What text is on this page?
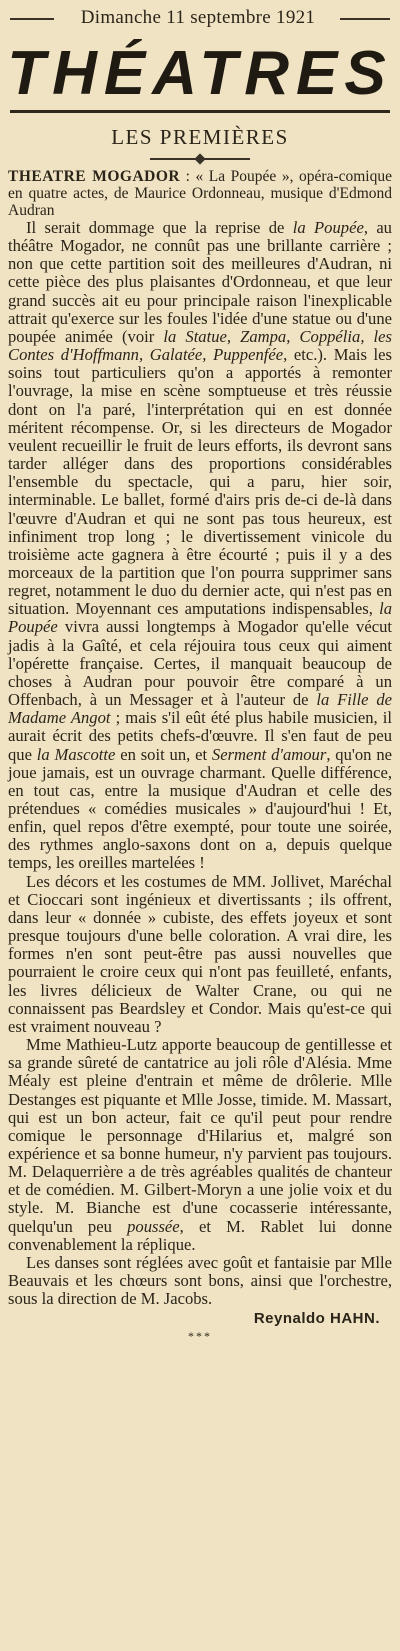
Dimanche 11 septembre 1921
THÉATRES
LES PREMIÈRES

THEATRE MOGADOR : « La Poupée », opéra-comique en quatre actes, de Maurice Ordonneau, musique d'Edmond Audran

Il serait dommage que la reprise de la Poupée, au théâtre Mogador, ne connût pas une brillante carrière ; non que cette partition soit des meilleures d'Audran, ni cette pièce des plus plaisantes d'Ordonneau, et que leur grand succès ait eu pour principale raison l'inexplicable attrait qu'exerce sur les foules l'idée d'une statue ou d'une poupée animée (voir la Statue, Zampa, Coppélia, les Contes d'Hoffmann, Galatée, Puppenfée, etc.). Mais les soins tout particuliers qu'on a apportés à remonter l'ouvrage, la mise en scène somptueuse et très réussie dont on l'a paré, l'interprétation qui en est donnée méritent récompense. Or, si les directeurs de Mogador veulent recueillir le fruit de leurs efforts, ils devront sans tarder alléger dans des proportions considérables l'ensemble du spectacle, qui a paru, hier soir, interminable. Le ballet, formé d'airs pris de-ci de-là dans l'œuvre d'Audran et qui ne sont pas tous heureux, est infiniment trop long ; le divertissement vinicole du troisième acte gagnera à être écourté ; puis il y a des morceaux de la partition que l'on pourra supprimer sans regret, notamment le duo du dernier acte, qui n'est pas en situation. Moyennant ces amputations indispensables, la Poupée vivra aussi longtemps à Mogador qu'elle vécut jadis à la Gaîté, et cela réjouira tous ceux qui aiment l'opérette française. Certes, il manquait beaucoup de choses à Audran pour pouvoir être comparé à un Offenbach, à un Messager et à l'auteur de la Fille de Madame Angot ; mais s'il eût été plus habile musicien, il aurait écrit des petits chefs-d'œuvre. Il s'en faut de peu que la Mascotte en soit un, et Serment d'amour, qu'on ne joue jamais, est un ouvrage charmant. Quelle différence, en tout cas, entre la musique d'Audran et celle des prétendues « comédies musicales » d'aujourd'hui ! Et, enfin, quel repos d'être exempté, pour toute une soirée, des rythmes anglo-saxons dont on a, depuis quelque temps, les oreilles martelées !

Les décors et les costumes de MM. Jollivet, Maréchal et Cioccari sont ingénieux et divertissants ; ils offrent, dans leur « donnée » cubiste, des effets joyeux et sont presque toujours d'une belle coloration. A vrai dire, les formes n'en sont peut-être pas aussi nouvelles que pourraient le croire ceux qui n'ont pas feuilleté, enfants, les livres délicieux de Walter Crane, ou qui ne connaissent pas Beardsley et Condor. Mais qu'est-ce qui est vraiment nouveau ?

Mme Mathieu-Lutz apporte beaucoup de gentillesse et sa grande sûreté de cantatrice au joli rôle d'Alésia. Mme Méaly est pleine d'entrain et même de drôlerie. Mlle Destanges est piquante et Mlle Josse, timide. M. Massart, qui est un bon acteur, fait ce qu'il peut pour rendre comique le personnage d'Hilarius et, malgré son expérience et sa bonne humeur, n'y parvient pas toujours. M. Delaquerrière a de très agréables qualités de chanteur et de comédien. M. Gilbert-Moryn a une jolie voix et du style. M. Bianche est d'une cocasserie intéressante, quelqu'un peu poussée, et M. Rablet lui donne convenablement la réplique.

Les danses sont réglées avec goût et fantaisie par Mlle Beauvais et les chœurs sont bons, ainsi que l'orchestre, sous la direction de M. Jacobs.

Reynaldo HAHN.
***
